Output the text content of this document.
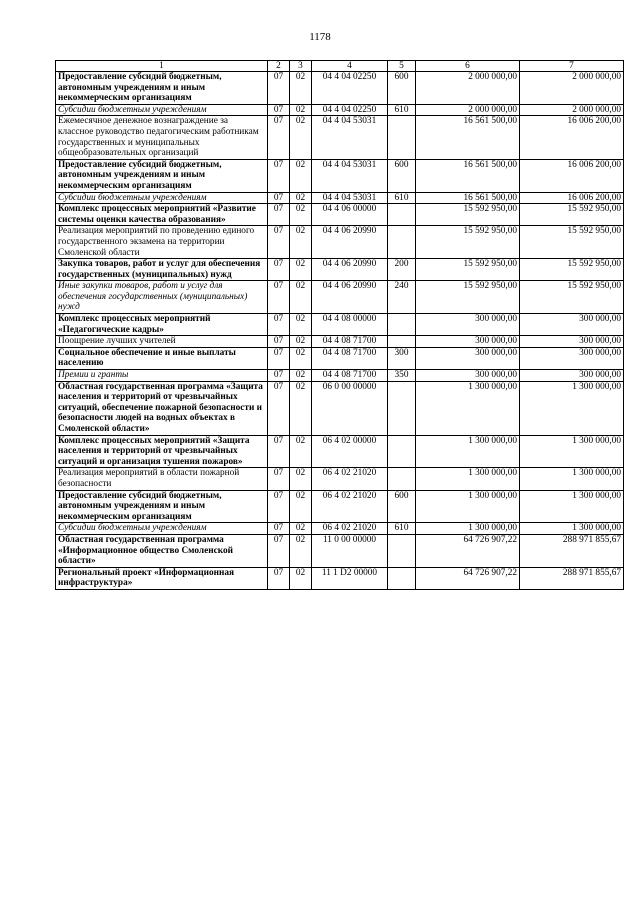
1178
1	2	3	4	5	6	7
Предоставление субсидий бюджетным, автономным учреждениям и иным некоммерческим организациям	07	02	04 4 04 02250	600	2 000 000,00	2 000 000,00
Субсидии бюджетным учреждениям	07	02	04 4 04 02250	610	2 000 000,00	2 000 000,00
Ежемесячное денежное вознаграждение за классное руководство педагогическим работникам государственных и муниципальных общеобразовательных организаций	07	02	04 4 04 53031		16 561 500,00	16 006 200,00
Предоставление субсидий бюджетным, автономным учреждениям и иным некоммерческим организациям	07	02	04 4 04 53031	600	16 561 500,00	16 006 200,00
Субсидии бюджетным учреждениям	07	02	04 4 04 53031	610	16 561 500,00	16 006 200,00
Комплекс процессных мероприятий «Развитие системы оценки качества образования»	07	02	04 4 06 00000		15 592 950,00	15 592 950,00
Реализация мероприятий по проведению единого государственного экзамена на территории Смоленской области	07	02	04 4 06 20990		15 592 950,00	15 592 950,00
Закупка товаров, работ и услуг для обеспечения государственных (муниципальных) нужд	07	02	04 4 06 20990	200	15 592 950,00	15 592 950,00
Иные закупки товаров, работ и услуг для обеспечения государственных (муниципальных) нужд	07	02	04 4 06 20990	240	15 592 950,00	15 592 950,00
Комплекс процессных мероприятий «Педагогические кадры»	07	02	04 4 08 00000		300 000,00	300 000,00
Поощрение лучших учителей	07	02	04 4 08 71700		300 000,00	300 000,00
Социальное обеспечение и иные выплаты населению	07	02	04 4 08 71700	300	300 000,00	300 000,00
Премии и гранты	07	02	04 4 08 71700	350	300 000,00	300 000,00
Областная государственная программа «Защита населения и территорий от чрезвычайных ситуаций, обеспечение пожарной безопасности и безопасности людей на водных объектах в Смоленской области»	07	02	06 0 00 00000		1 300 000,00	1 300 000,00
Комплекс процессных мероприятий «Защита населения и территорий от чрезвычайных ситуаций и организация тушения пожаров»	07	02	06 4 02 00000		1 300 000,00	1 300 000,00
Реализация мероприятий в области пожарной безопасности	07	02	06 4 02 21020		1 300 000,00	1 300 000,00
Предоставление субсидий бюджетным, автономным учреждениям и иным некоммерческим организациям	07	02	06 4 02 21020	600	1 300 000,00	1 300 000,00
Субсидии бюджетным учреждениям	07	02	06 4 02 21020	610	1 300 000,00	1 300 000,00
Областная государственная программа «Информационное общество Смоленской области»	07	02	11 0 00 00000		64 726 907,22	288 971 855,67
Региональный проект «Информационная инфраструктура»	07	02	11 1 D2 00000		64 726 907,22	288 971 855,67
